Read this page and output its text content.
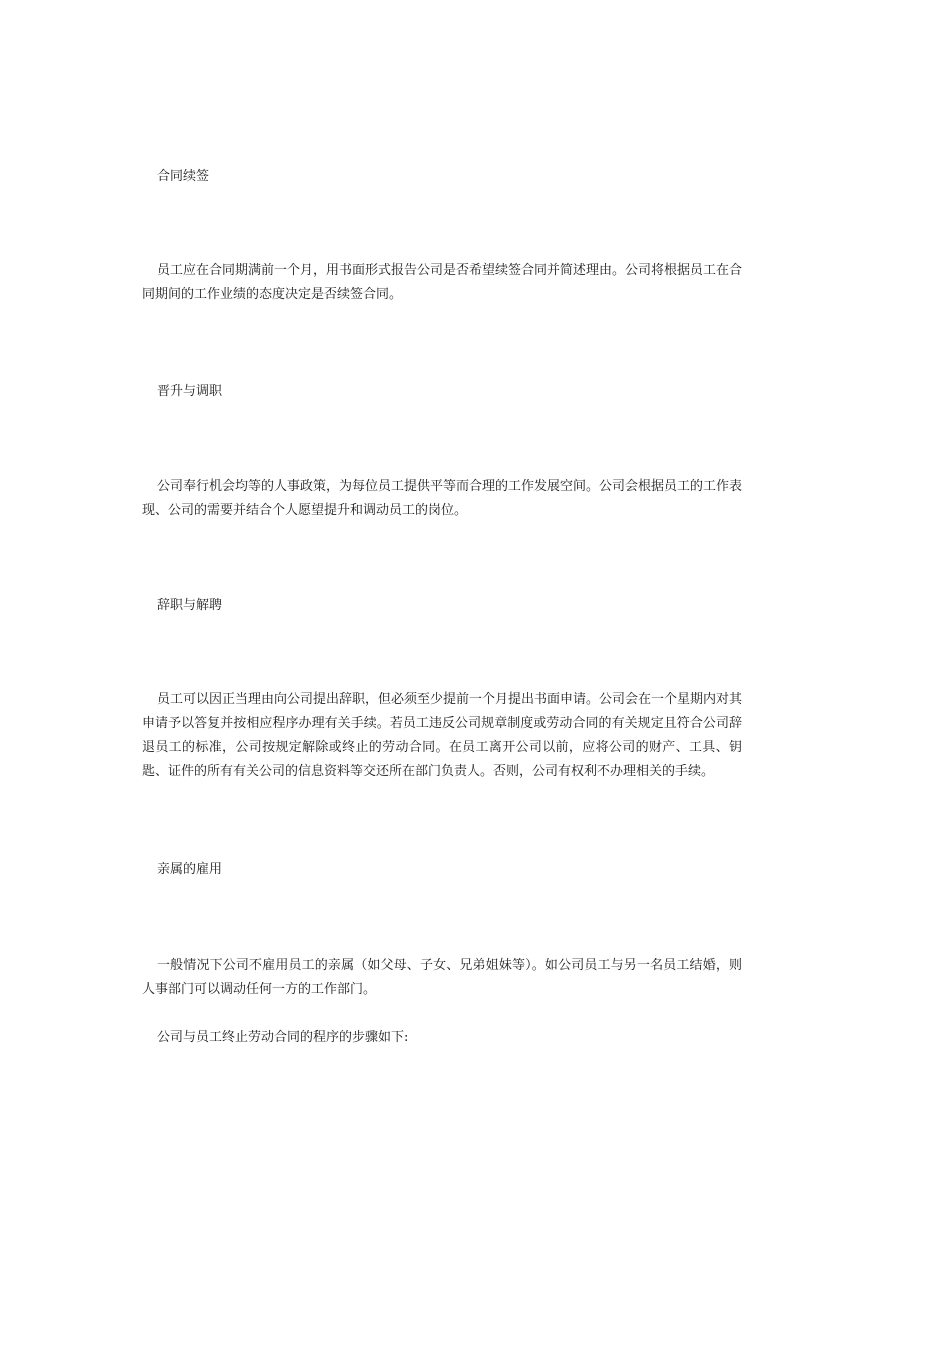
合同续签

员工应在合同期满前一个月，用书面形式报告公司是否希望续签合同并简述理由。公司将根据员工在合同期间的工作业绩的态度决定是否续签合同。

晋升与调职

公司奉行机会均等的人事政策，为每位员工提供平等而合理的工作发展空间。公司会根据员工的工作表现、公司的需要并结合个人愿望提升和调动员工的岗位。

辞职与解聘

员工可以因正当理由向公司提出辞职，但必须至少提前一个月提出书面申请。公司会在一个星期内对其申请予以答复并按相应程序办理有关手续。若员工违反公司规章制度或劳动合同的有关规定且符合公司辞退员工的标准，公司按规定解除或终止的劳动合同。在员工离开公司以前，应将公司的财产、工具、钥匙、证件的所有有关公司的信息资料等交还所在部门负责人。否则，公司有权利不办理相关的手续。

亲属的雇用

一般情况下公司不雇用员工的亲属（如父母、子女、兄弟姐妹等）。如公司员工与另一名员工结婚，则人事部门可以调动任何一方的工作部门。

公司与员工终止劳动合同的程序的步骤如下:
